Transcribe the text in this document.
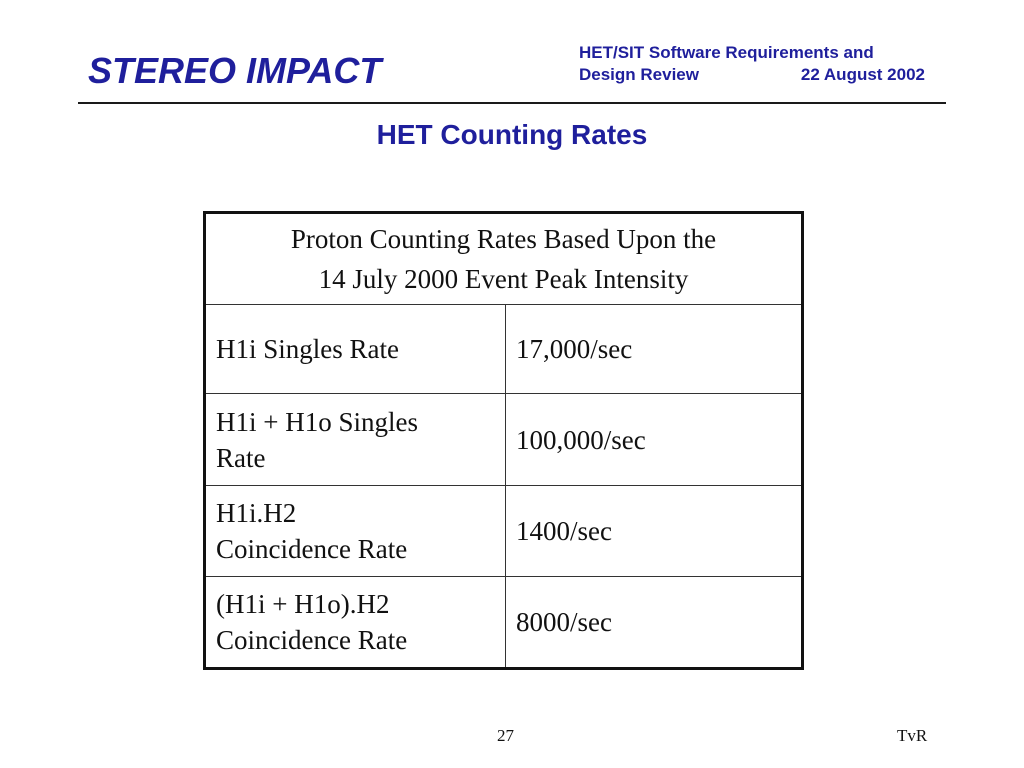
STEREO IMPACT	HET/SIT Software Requirements and
Design Review	22 August 2002
HET Counting Rates
Proton Counting Rates Based Upon the
14 July 2000 Event Peak Intensity	
H1i Singles Rate	17,000/sec
H1i + H1o Singles
Rate	100,000/sec
H1i.H2
Coincidence Rate	1400/sec
(H1i + H1o).H2
Coincidence Rate	8000/sec
27	TvR
